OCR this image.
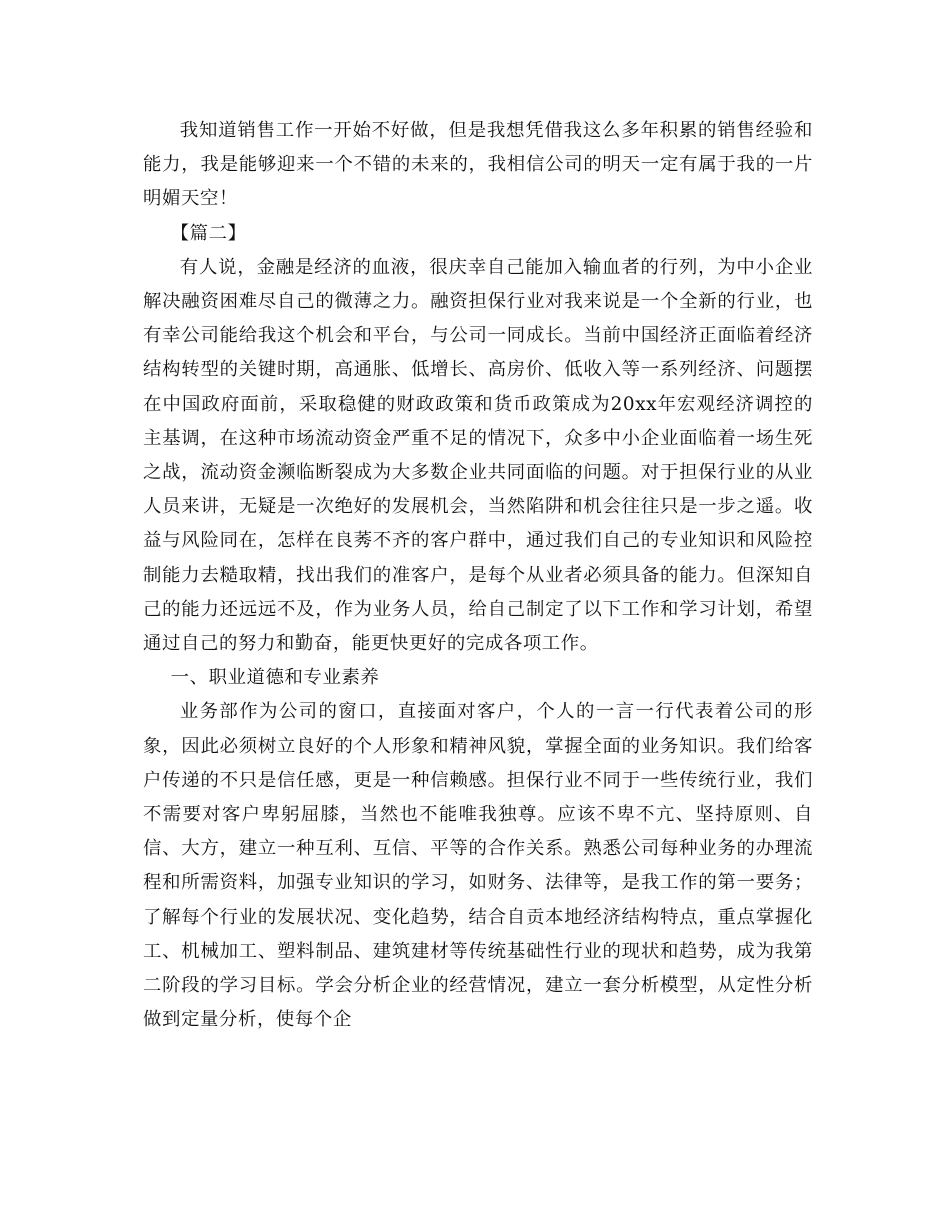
我知道销售工作一开始不好做，但是我想凭借我这么多年积累的销售经验和能力，我是能够迎来一个不错的未来的，我相信公司的明天一定有属于我的一片明媚天空！

【篇二】

有人说，金融是经济的血液，很庆幸自己能加入输血者的行列，为中小企业解决融资困难尽自己的微薄之力。融资担保行业对我来说是一个全新的行业，也有幸公司能给我这个机会和平台，与公司一同成长。当前中国经济正面临着经济结构转型的关键时期，高通胀、低增长、高房价、低收入等一系列经济、问题摆在中国政府面前，采取稳健的财政政策和货币政策成为20xx年宏观经济调控的主基调，在这种市场流动资金严重不足的情况下，众多中小企业面临着一场生死之战，流动资金濒临断裂成为大多数企业共同面临的问题。对于担保行业的从业人员来讲，无疑是一次绝好的发展机会，当然陷阱和机会往往只是一步之遥。收益与风险同在，怎样在良莠不齐的客户群中，通过我们自己的专业知识和风险控制能力去糙取精，找出我们的准客户，是每个从业者必须具备的能力。但深知自己的能力还远远不及，作为业务人员，给自己制定了以下工作和学习计划，希望通过自己的努力和勤奋，能更快更好的完成各项工作。

一、职业道德和专业素养

业务部作为公司的窗口，直接面对客户，个人的一言一行代表着公司的形象，因此必须树立良好的个人形象和精神风貌，掌握全面的业务知识。我们给客户传递的不只是信任感，更是一种信赖感。担保行业不同于一些传统行业，我们不需要对客户卑躬屈膝，当然也不能唯我独尊。应该不卑不亢、坚持原则、自信、大方，建立一种互利、互信、平等的合作关系。熟悉公司每种业务的办理流程和所需资料，加强专业知识的学习，如财务、法律等，是我工作的第一要务；了解每个行业的发展状况、变化趋势，结合自贡本地经济结构特点，重点掌握化工、机械加工、塑料制品、建筑建材等传统基础性行业的现状和趋势，成为我第二阶段的学习目标。学会分析企业的经营情况，建立一套分析模型，从定性分析做到定量分析，使每个企
